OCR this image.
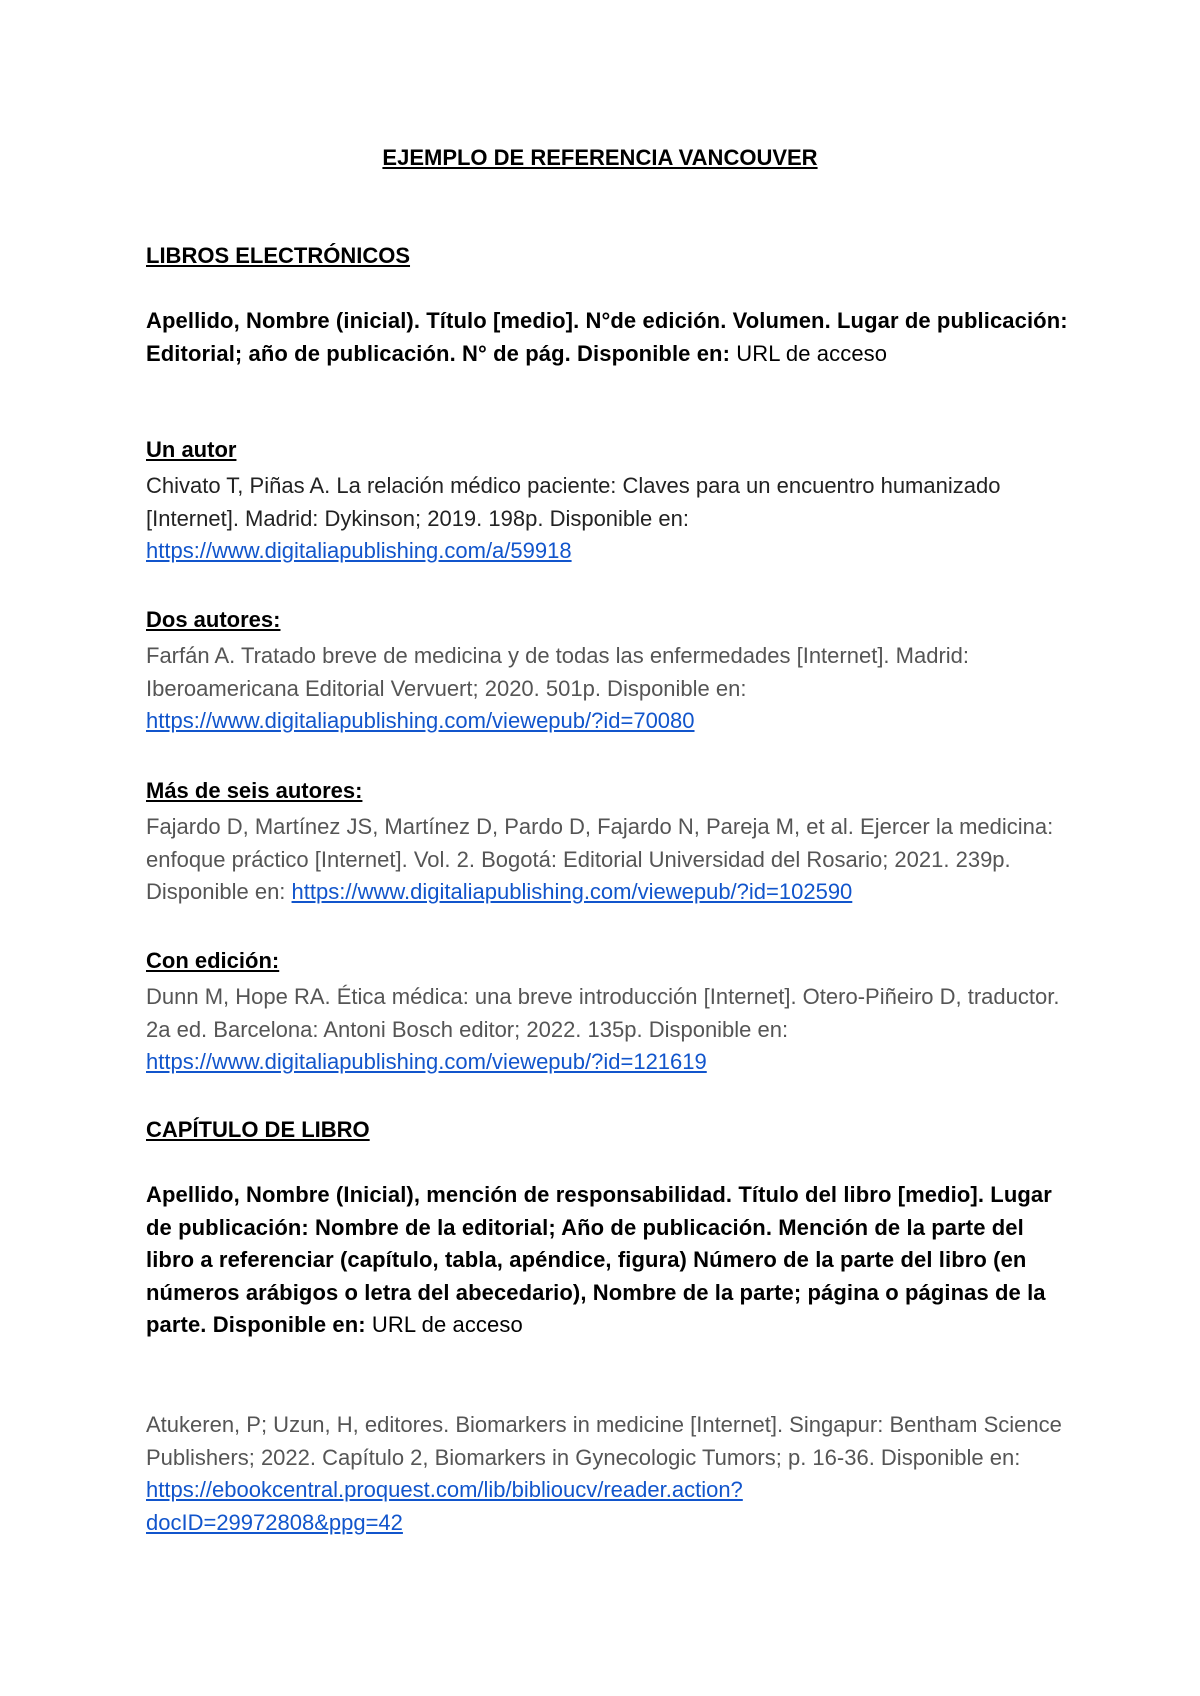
EJEMPLO DE REFERENCIA VANCOUVER

LIBROS ELECTRÓNICOS

Apellido, Nombre (inicial). Título [medio]. N°de edición. Volumen. Lugar de publicación: Editorial; año de publicación. N° de pág. Disponible en: URL de acceso

Un autor

Chivato T, Piñas A. La relación médico paciente: Claves para un encuentro humanizado [Internet]. Madrid: Dykinson; 2019. 198p. Disponible en: https://www.digitaliapublishing.com/a/59918

Dos autores:

Farfán A. Tratado breve de medicina y de todas las enfermedades [Internet]. Madrid: Iberoamericana Editorial Vervuert; 2020. 501p. Disponible en: https://www.digitaliapublishing.com/viewepub/?id=70080

Más de seis autores:

Fajardo D, Martínez JS, Martínez D, Pardo D, Fajardo N, Pareja M, et al. Ejercer la medicina: enfoque práctico [Internet]. Vol. 2. Bogotá: Editorial Universidad del Rosario; 2021. 239p. Disponible en: https://www.digitaliapublishing.com/viewepub/?id=102590

Con edición:

Dunn M, Hope RA. Ética médica: una breve introducción [Internet]. Otero-Piñeiro D, traductor. 2a ed. Barcelona: Antoni Bosch editor; 2022. 135p. Disponible en: https://www.digitaliapublishing.com/viewepub/?id=121619

CAPÍTULO DE LIBRO

Apellido, Nombre (Inicial), mención de responsabilidad. Título del libro [medio]. Lugar de publicación: Nombre de la editorial; Año de publicación. Mención de la parte del libro a referenciar (capítulo, tabla, apéndice, figura) Número de la parte del libro (en números arábigos o letra del abecedario), Nombre de la parte; página o páginas de la parte. Disponible en: URL de acceso

Atukeren, P; Uzun, H, editores. Biomarkers in medicine [Internet]. Singapur: Bentham Science Publishers; 2022. Capítulo 2, Biomarkers in Gynecologic Tumors; p. 16-36. Disponible en:
https://ebookcentral.proquest.com/lib/biblioucv/reader.action?
docID=29972808&ppg=42
